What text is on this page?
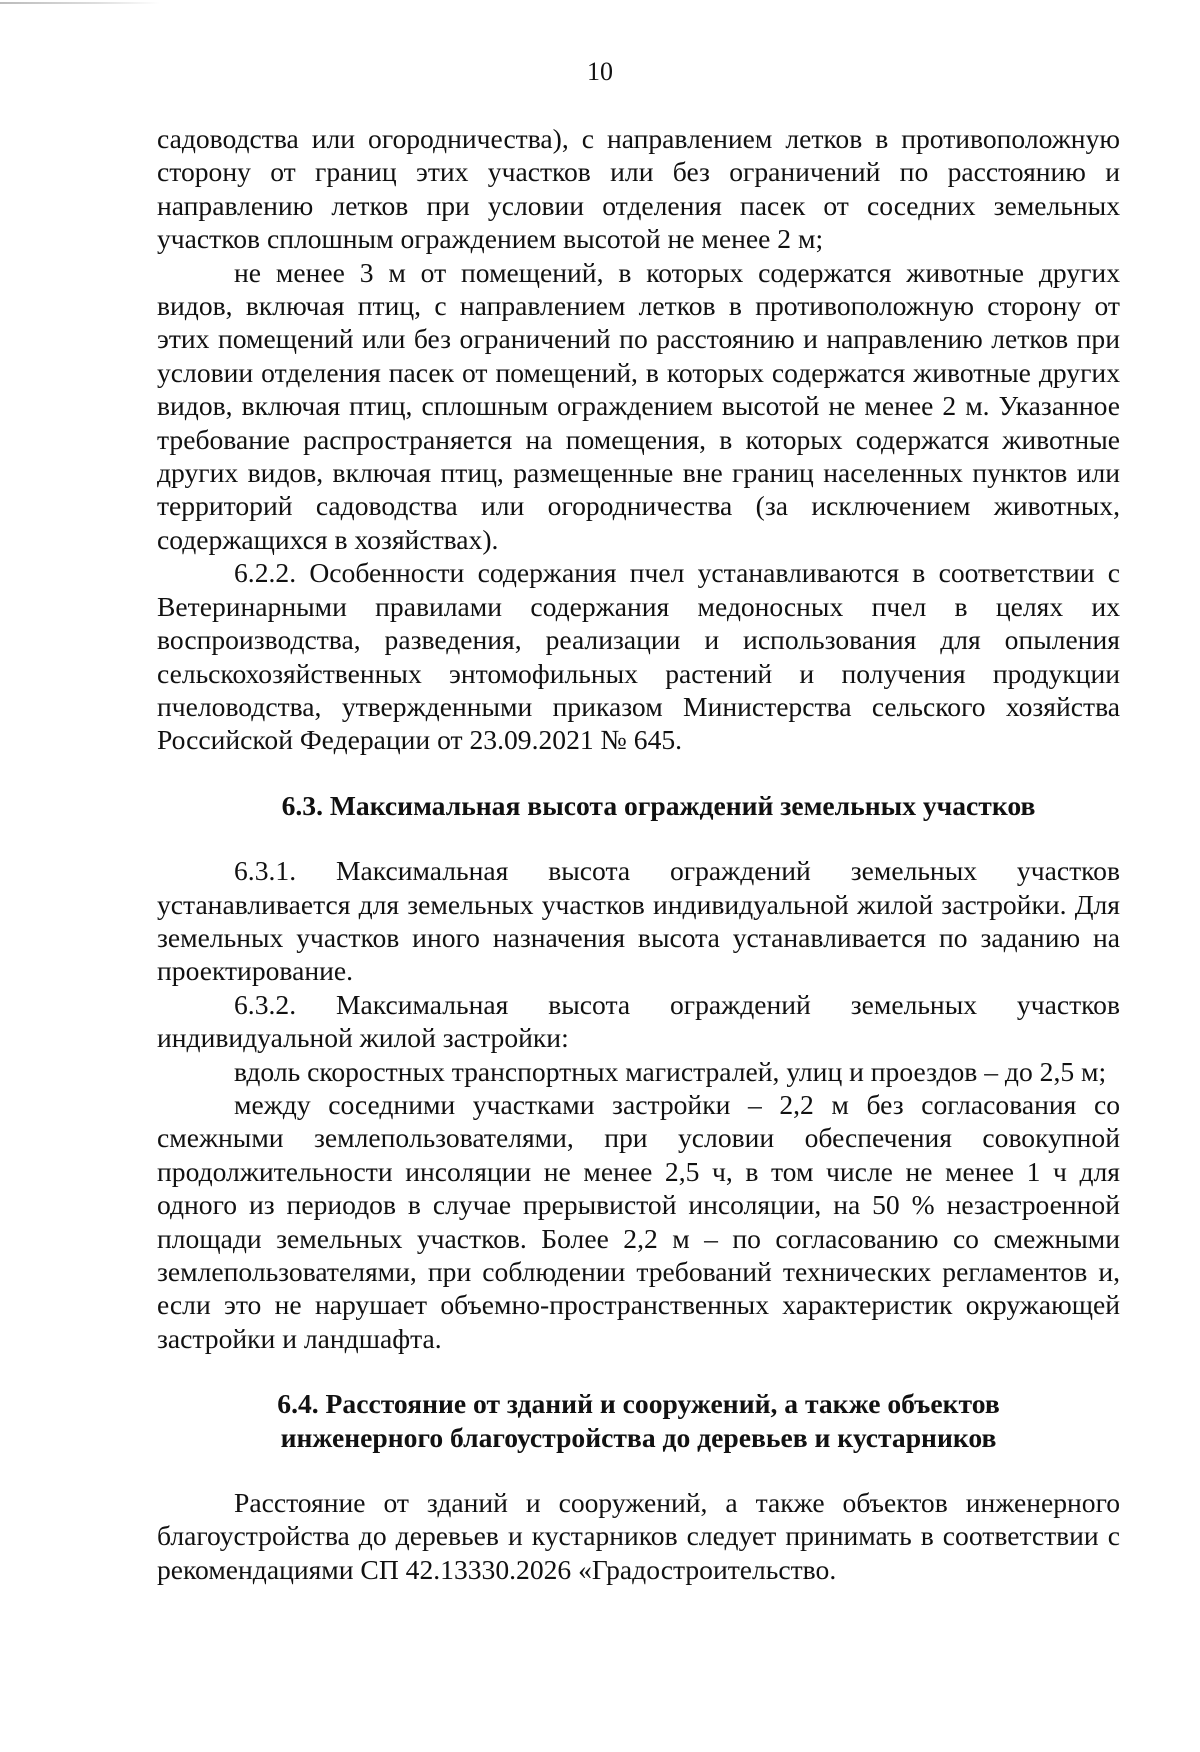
10

садоводства или огородничества), с направлением летков в противоположную сторону от границ этих участков или без ограничений по расстоянию и направлению летков при условии отделения пасек от соседних земельных участков сплошным ограждением высотой не менее 2 м;

не менее 3 м от помещений, в которых содержатся животные других видов, включая птиц, с направлением летков в противоположную сторону от этих помещений или без ограничений по расстоянию и направлению летков при условии отделения пасек от помещений, в которых содержатся животные других видов, включая птиц, сплошным ограждением высотой не менее 2 м. Указанное требование распространяется на помещения, в которых содержатся животные других видов, включая птиц, размещенные вне границ населенных пунктов или территорий садоводства или огородничества (за исключением животных, содержащихся в хозяйствах).

6.2.2. Особенности содержания пчел устанавливаются в соответствии с Ветеринарными правилами содержания медоносных пчел в целях их воспроизводства, разведения, реализации и использования для опыления сельскохозяйственных энтомофильных растений и получения продукции пчеловодства, утвержденными приказом Министерства сельского хозяйства Российской Федерации от 23.09.2021 № 645.

6.3. Максимальная высота ограждений земельных участков

6.3.1. Максимальная высота ограждений земельных участков устанавливается для земельных участков индивидуальной жилой застройки. Для земельных участков иного назначения высота устанавливается по заданию на проектирование.

6.3.2. Максимальная высота ограждений земельных участков индивидуальной жилой застройки:

вдоль скоростных транспортных магистралей, улиц и проездов – до 2,5 м;

между соседними участками застройки – 2,2 м без согласования со смежными землепользователями, при условии обеспечения совокупной продолжительности инсоляции не менее 2,5 ч, в том числе не менее 1 ч для одного из периодов в случае прерывистой инсоляции, на 50 % незастроенной площади земельных участков. Более 2,2 м – по согласованию со смежными землепользователями, при соблюдении требований технических регламентов и, если это не нарушает объемно-пространственных характеристик окружающей застройки и ландшафта.

6.4. Расстояние от зданий и сооружений, а также объектов
инженерного благоустройства до деревьев и кустарников

Расстояние от зданий и сооружений, а также объектов инженерного благоустройства до деревьев и кустарников следует принимать в соответствии с рекомендациями СП 42.13330.2026 «Градостроительство.
